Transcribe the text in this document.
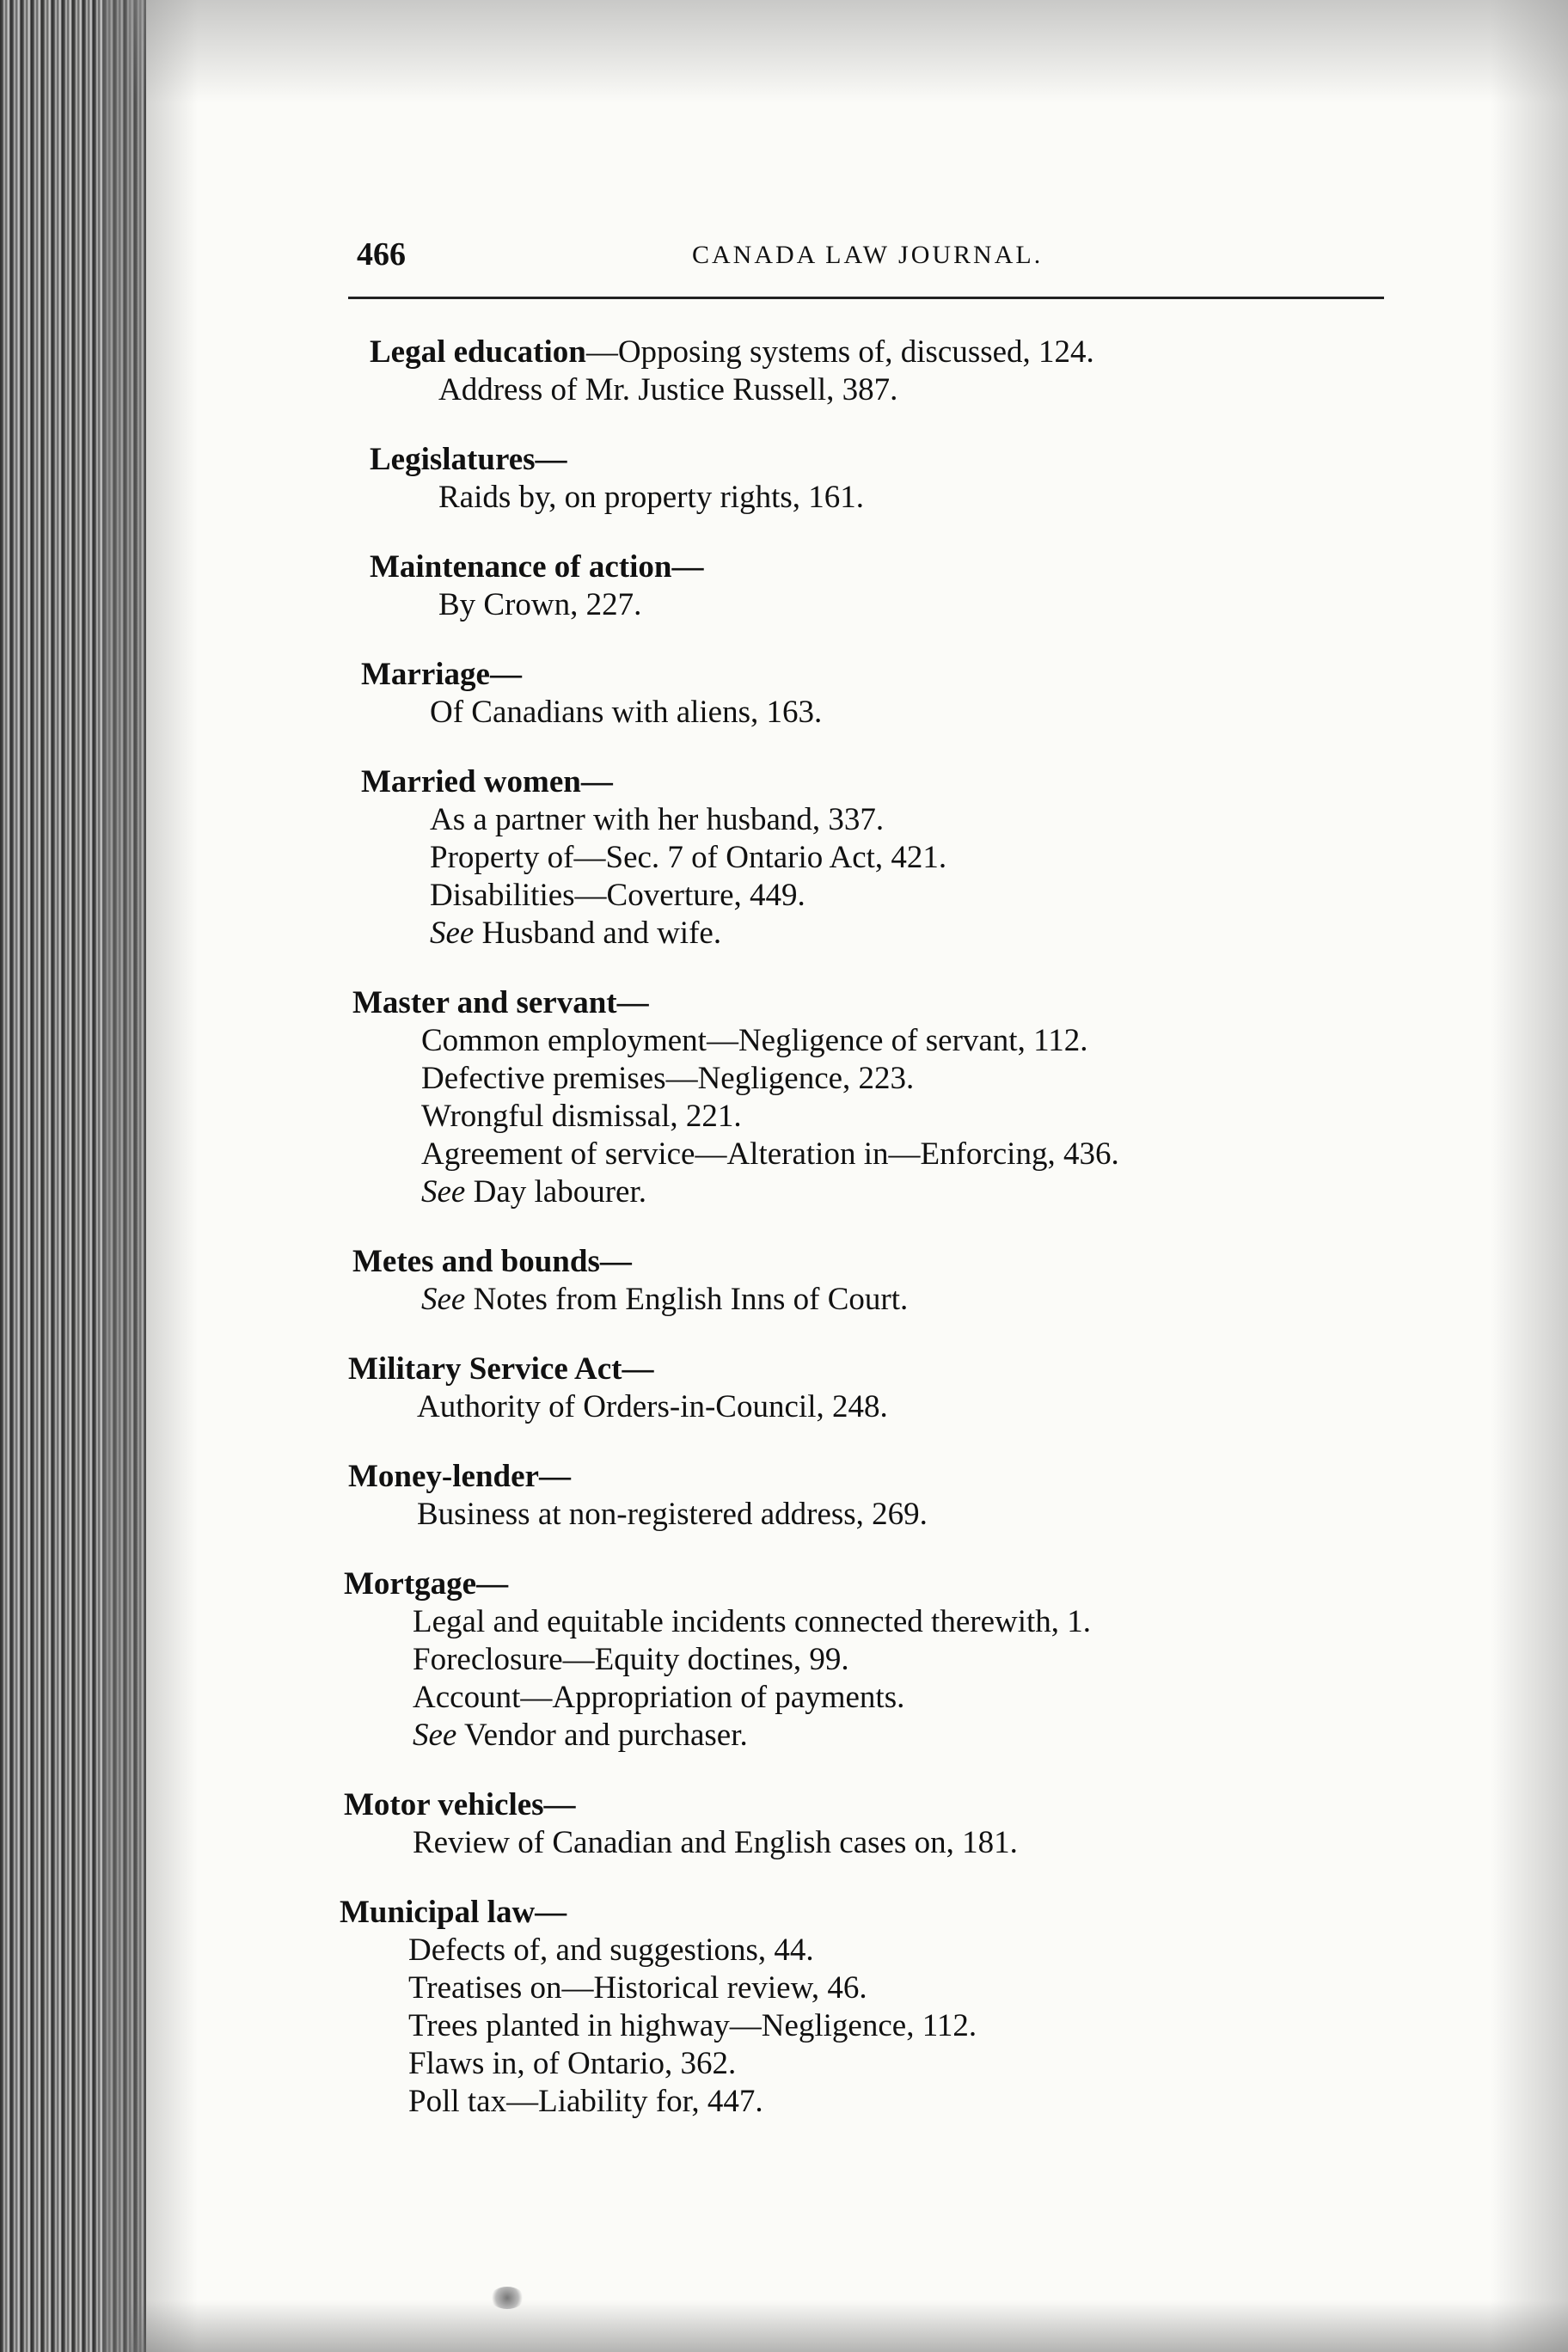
466	CANADA LAW JOURNAL.
Legal education—Opposing systems of, discussed, 124.
Address of Mr. Justice Russell, 387.
Legislatures—
Raids by, on property rights, 161.
Maintenance of action—
By Crown, 227.
Marriage—
Of Canadians with aliens, 163.
Married women—
As a partner with her husband, 337.
Property of—Sec. 7 of Ontario Act, 421.
Disabilities—Coverture, 449.
See Husband and wife.
Master and servant—
Common employment—Negligence of servant, 112.
Defective premises—Negligence, 223.
Wrongful dismissal, 221.
Agreement of service—Alteration in—Enforcing, 436.
See Day labourer.
Metes and bounds—
See Notes from English Inns of Court.
Military Service Act—
Authority of Orders-in-Council, 248.
Money-lender—
Business at non-registered address, 269.
Mortgage—
Legal and equitable incidents connected therewith, 1.
Foreclosure—Equity doctines, 99.
Account—Appropriation of payments.
See Vendor and purchaser.
Motor vehicles—
Review of Canadian and English cases on, 181.
Municipal law—
Defects of, and suggestions, 44.
Treatises on—Historical review, 46.
Trees planted in highway—Negligence, 112.
Flaws in, of Ontario, 362.
Poll tax—Liability for, 447.
